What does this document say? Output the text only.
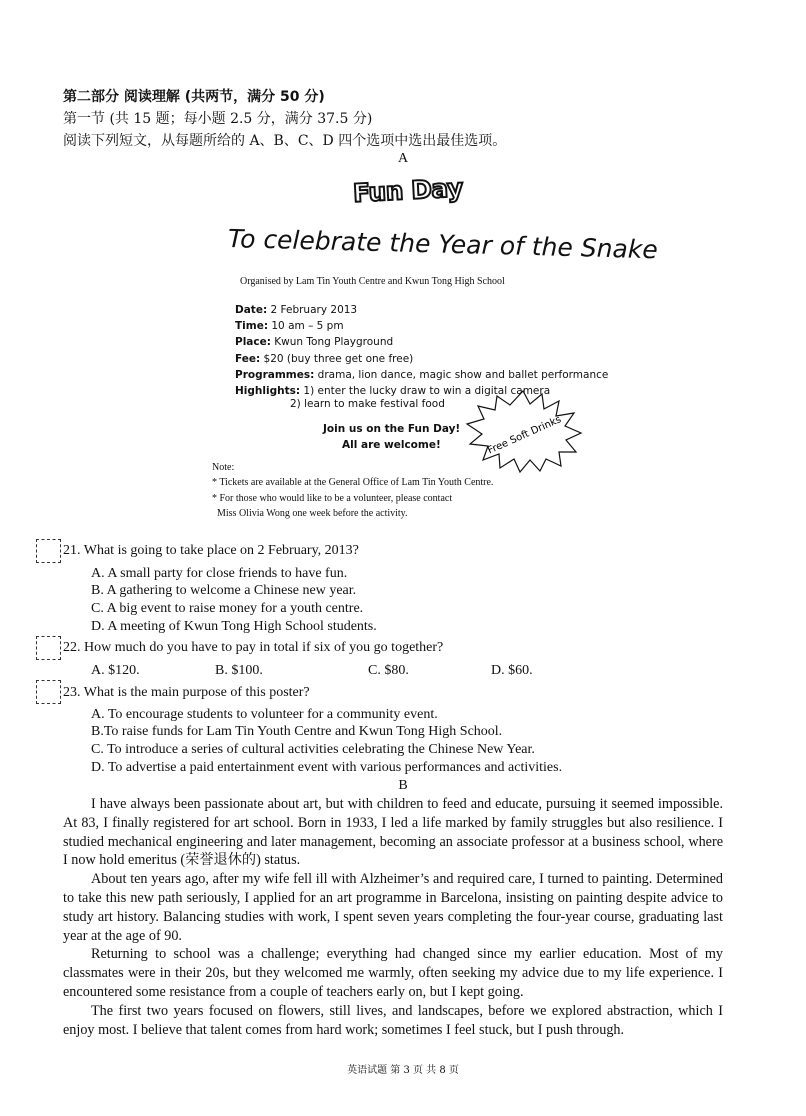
第二部分 阅读理解 (共两节，满分 50 分)
第一节 (共 15 题；每小题 2.5 分，满分 37.5 分)
阅读下列短文，从每题所给的 A、B、C、D 四个选项中选出最佳选项。
A
Fun Day
To celebrate the Year of the Snake
Organised by Lam Tin Youth Centre and Kwun Tong High School
Date: 2 February 2013
Time: 10 am – 5 pm
Place: Kwun Tong Playground
Fee: $20 (buy three get one free)
Programmes: drama, lion dance, magic show and ballet performance
Highlights: 1) enter the lucky draw to win a digital camera
2) learn to make festival food
Join us on the Fun Day!
All are welcome!	Free Soft Drinks
Note:
* Tickets are available at the General Office of Lam Tin Youth Centre.
* For those who would like to be a volunteer, please contact
Miss Olivia Wong one week before the activity.
21. What is going to take place on 2 February, 2013?
A. A small party for close friends to have fun.
B. A gathering to welcome a Chinese new year.
C. A big event to raise money for a youth centre.
D. A meeting of Kwun Tong High School students.
22. How much do you have to pay in total if six of you go together?
A. $120.	B. $100.	C. $80.	D. $60.
23. What is the main purpose of this poster?
A. To encourage students to volunteer for a community event.
B.To raise funds for Lam Tin Youth Centre and Kwun Tong High School.
C. To introduce a series of cultural activities celebrating the Chinese New Year.
D. To advertise a paid entertainment event with various performances and activities.
B

I have always been passionate about art, but with children to feed and educate, pursuing it seemed impossible. At 83, I finally registered for art school. Born in 1933, I led a life marked by family struggles but also resilience. I studied mechanical engineering and later management, becoming an associate professor at a business school, where I now hold emeritus (荣誉退休的) status.

About ten years ago, after my wife fell ill with Alzheimer’s and required care, I turned to painting. Determined to take this new path seriously, I applied for an art programme in Barcelona, insisting on painting despite advice to study art history. Balancing studies with work, I spent seven years completing the four-year course, graduating last year at the age of 90.

Returning to school was a challenge; everything had changed since my earlier education. Most of my classmates were in their 20s, but they welcomed me warmly, often seeking my advice due to my life experience. I encountered some resistance from a couple of teachers early on, but I kept going.

The first two years focused on flowers, still lives, and landscapes, before we explored abstraction, which I enjoy most. I believe that talent comes from hard work; sometimes I feel stuck, but I push through.

英语试题 第 3 页 共 8 页
